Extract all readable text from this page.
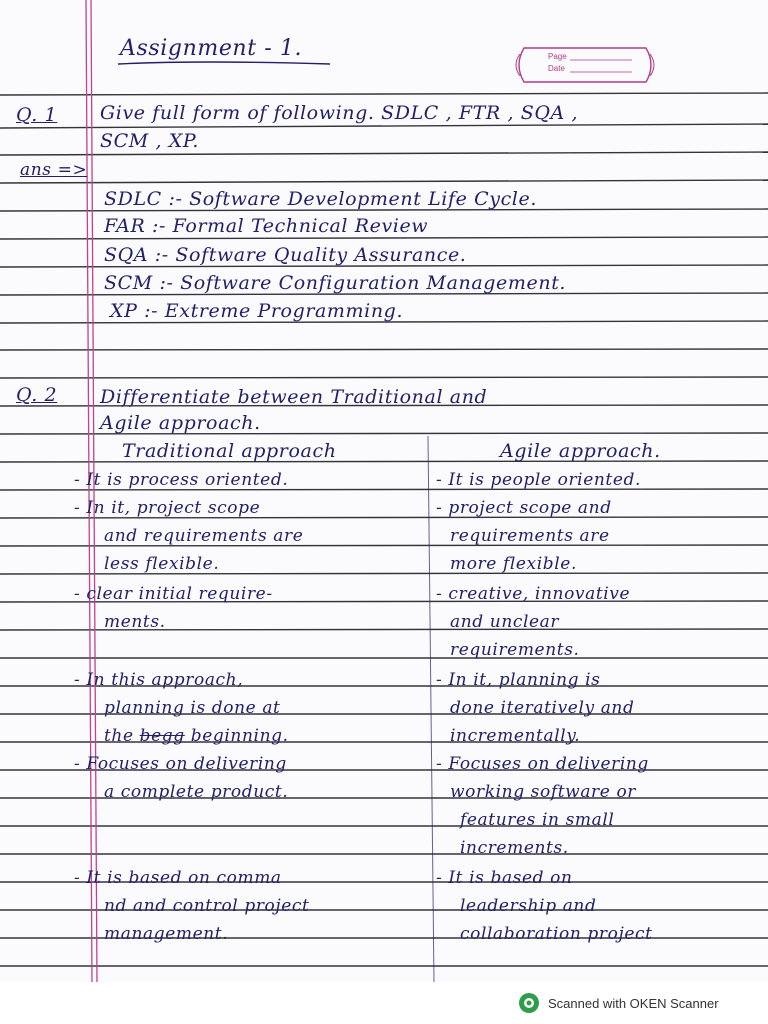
Page
Date
Assignment - 1.
Q. 1 Give full form of following. SDLC , FTR , SQA ,
SCM , XP.
ans =>
SDLC :- Software Development Life Cycle.
FAR :- Formal Technical Review
SQA :- Software Quality Assurance.
SCM :- Software Configuration Management.
XP :- Extreme Programming.
Q. 2 Differentiate between Traditional and
Agile approach.
Traditional approach	Agile approach.
- It is process oriented.
- In it, project scope
and requirements are
less flexible.
- clear initial require-
ments.
- In this approach,
planning is done at
the begg beginning.
- Focuses on delivering
a complete product.
- It is based on comma
nd and control project
management.
- It is people oriented.
- project scope and
requirements are
more flexible.
- creative, innovative
and unclear
requirements.
- In it, planning is
done iteratively and
incrementally.
- Focuses on delivering
working software or
features in small
increments.
- It is based on
leadership and
collaboration project
Scanned with OKEN Scanner
